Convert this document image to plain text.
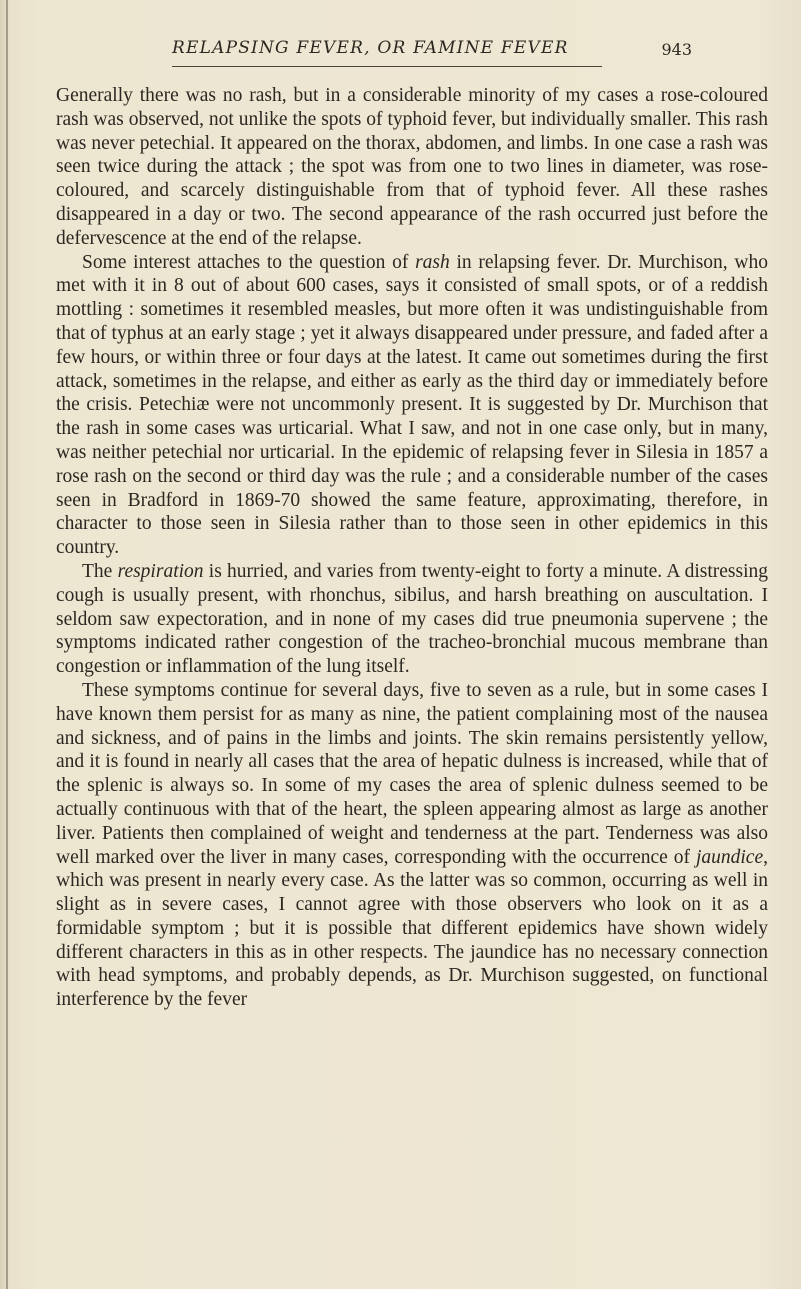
RELAPSING FEVER, OR FAMINE FEVER	943

Generally there was no rash, but in a considerable minority of my cases a rose-coloured rash was observed, not unlike the spots of typhoid fever, but individually smaller. This rash was never petechial. It appeared on the thorax, abdomen, and limbs. In one case a rash was seen twice during the attack ; the spot was from one to two lines in diameter, was rose-coloured, and scarcely distinguishable from that of typhoid fever. All these rashes disappeared in a day or two. The second appearance of the rash occurred just before the defervescence at the end of the relapse.

Some interest attaches to the question of rash in relapsing fever. Dr. Murchison, who met with it in 8 out of about 600 cases, says it consisted of small spots, or of a reddish mottling : sometimes it resembled measles, but more often it was undistinguishable from that of typhus at an early stage ; yet it always disappeared under pressure, and faded after a few hours, or within three or four days at the latest. It came out sometimes during the first attack, sometimes in the relapse, and either as early as the third day or immediately before the crisis. Petechiæ were not uncommonly present. It is suggested by Dr. Murchison that the rash in some cases was urticarial. What I saw, and not in one case only, but in many, was neither petechial nor urticarial. In the epidemic of relapsing fever in Silesia in 1857 a rose rash on the second or third day was the rule ; and a considerable number of the cases seen in Bradford in 1869-70 showed the same feature, approximating, therefore, in character to those seen in Silesia rather than to those seen in other epidemics in this country.

The respiration is hurried, and varies from twenty-eight to forty a minute. A distressing cough is usually present, with rhonchus, sibilus, and harsh breathing on auscultation. I seldom saw expectoration, and in none of my cases did true pneumonia supervene ; the symptoms indicated rather congestion of the tracheo-bronchial mucous membrane than congestion or inflammation of the lung itself.

These symptoms continue for several days, five to seven as a rule, but in some cases I have known them persist for as many as nine, the patient complaining most of the nausea and sickness, and of pains in the limbs and joints. The skin remains persistently yellow, and it is found in nearly all cases that the area of hepatic dulness is increased, while that of the splenic is always so. In some of my cases the area of splenic dulness seemed to be actually continuous with that of the heart, the spleen appearing almost as large as another liver. Patients then complained of weight and tenderness at the part. Tenderness was also well marked over the liver in many cases, corresponding with the occurrence of jaundice, which was present in nearly every case. As the latter was so common, occurring as well in slight as in severe cases, I cannot agree with those observers who look on it as a formidable symptom ; but it is possible that different epidemics have shown widely different characters in this as in other respects. The jaundice has no necessary connection with head symptoms, and probably depends, as Dr. Murchison suggested, on functional interference by the fever
